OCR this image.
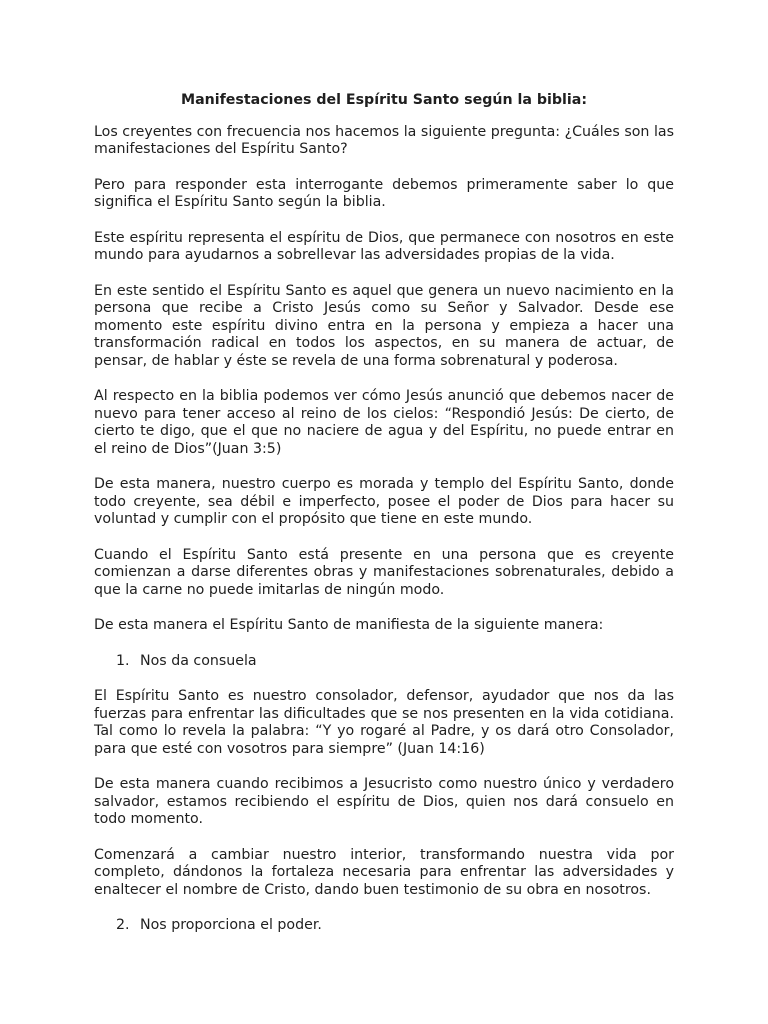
Manifestaciones del Espíritu Santo según la biblia:

Los creyentes con frecuencia nos hacemos la siguiente pregunta: ¿Cuáles son las manifestaciones del Espíritu Santo?

Pero para responder esta interrogante debemos primeramente saber lo que significa el Espíritu Santo según la biblia.

Este espíritu representa el espíritu de Dios, que permanece con nosotros en este mundo para ayudarnos a sobrellevar las adversidades propias de la vida.

En este sentido el Espíritu Santo es aquel que genera un nuevo nacimiento en la persona que recibe a Cristo Jesús como su Señor y Salvador. Desde ese momento este espíritu divino entra en la persona y empieza a hacer una transformación radical en todos los aspectos, en su manera de actuar, de pensar, de hablar y éste se revela de una forma sobrenatural y poderosa.

Al respecto en la biblia podemos ver cómo Jesús anunció que debemos nacer de nuevo para tener acceso al reino de los cielos: “Respondió Jesús: De cierto, de cierto te digo, que el que no naciere de agua y del Espíritu, no puede entrar en el reino de Dios”(Juan 3:5)

De esta manera, nuestro cuerpo es morada y templo del Espíritu Santo, donde todo creyente, sea débil e imperfecto, posee el poder de Dios para hacer su voluntad y cumplir con el propósito que tiene en este mundo.

Cuando el Espíritu Santo está presente en una persona que es creyente comienzan a darse diferentes obras y manifestaciones sobrenaturales, debido a que la carne no puede imitarlas de ningún modo.

De esta manera el Espíritu Santo de manifiesta de la siguiente manera:

1. Nos da consuela

El Espíritu Santo es nuestro consolador, defensor, ayudador que nos da las fuerzas para enfrentar las dificultades que se nos presenten en la vida cotidiana. Tal como lo revela la palabra: “Y yo rogaré al Padre, y os dará otro Consolador, para que esté con vosotros para siempre” (Juan 14:16)

De esta manera cuando recibimos a Jesucristo como nuestro único y verdadero salvador, estamos recibiendo el espíritu de Dios, quien nos dará consuelo en todo momento.

Comenzará a cambiar nuestro interior, transformando nuestra vida por completo, dándonos la fortaleza necesaria para enfrentar las adversidades y enaltecer el nombre de Cristo, dando buen testimonio de su obra en nosotros.

2. Nos proporciona el poder.
